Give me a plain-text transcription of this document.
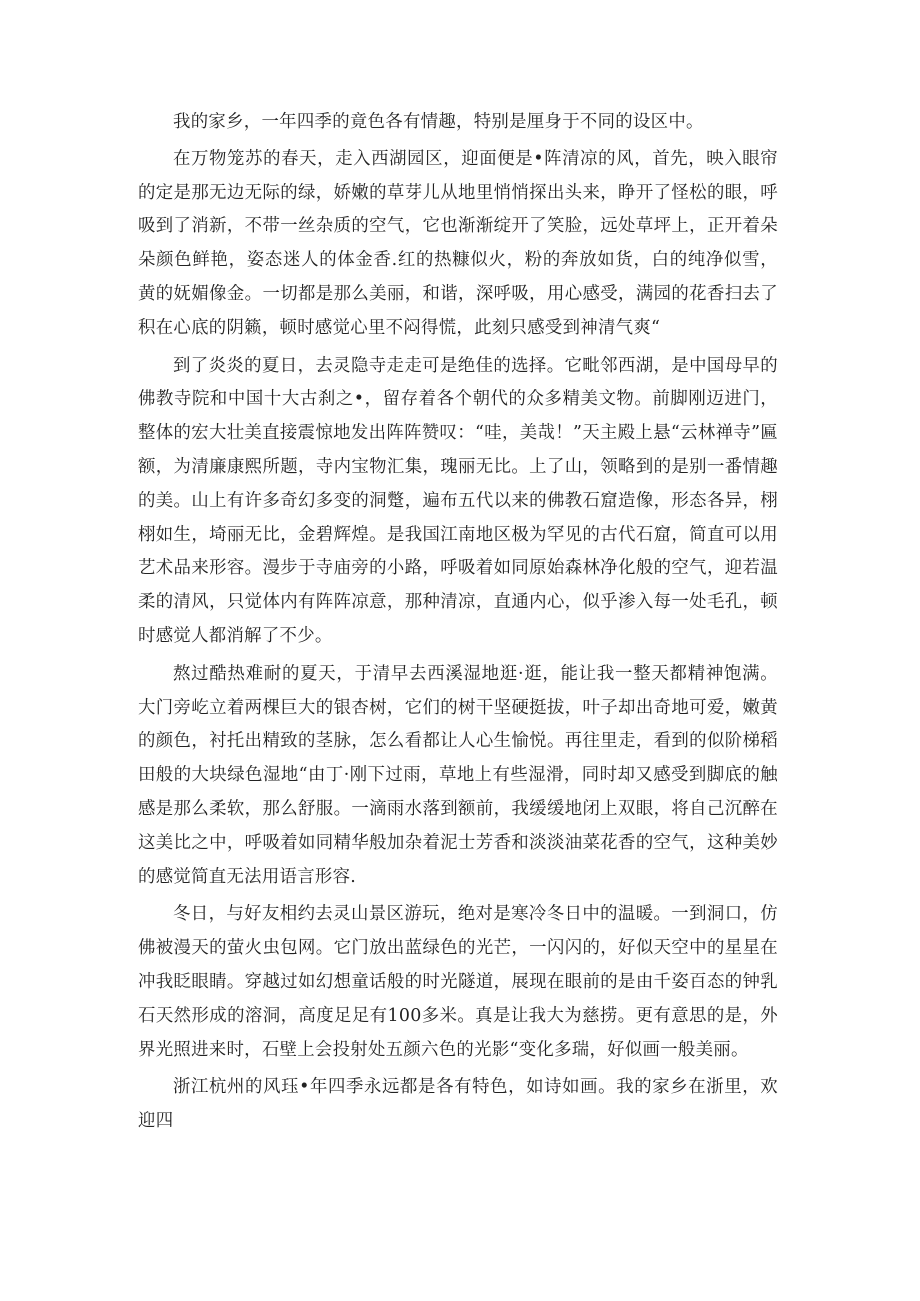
我的家乡，一年四季的竟色各有情趣，特别是厘身于不同的设区中。

在万物笼苏的春天，走入西湖园区，迎面便是•阵清凉的风，首先，映入眼帘的定是那无边无际的绿，娇嫩的草芽儿从地里悄悄探出头来，睁开了怪松的眼，呼吸到了消新，不带一丝杂质的空气，它也渐渐绽开了笑脸，远处草坪上，正开着朵朵颜色鲜艳，姿态迷人的体金香.红的热糠似火，粉的奔放如货，白的纯净似雪，黄的妩媚像金。一切都是那么美丽，和谐，深呼吸，用心感受，满园的花香扫去了积在心底的阴籁，顿时感觉心里不闷得慌，此刻只感受到神清气爽“

到了炎炎的夏日，去灵隐寺走走可是绝佳的选择。它毗邻西湖，是中国母早的佛教寺院和中国十大古刹之•，留存着各个朝代的众多精美文物。前脚刚迈进门，整体的宏大壮美直接震惊地发出阵阵赞叹：“哇，美哉！”天主殿上悬“云林禅寺”匾额，为清廉康熙所题，寺内宝物汇集，瑰丽无比。上了山，领略到的是别一番情趣的美。山上有许多奇幻多变的洞蹩，遍布五代以来的佛教石窟造像，形态各异，栩栩如生，埼丽无比，金碧辉煌。是我国江南地区极为罕见的古代石窟，简直可以用艺术品来形容。漫步于寺庙旁的小路，呼吸着如同原始森林净化般的空气，迎若温柔的清风，只觉体内有阵阵凉意，那种清凉，直通内心，似乎渗入每一处毛孔，顿时感觉人都消解了不少。

熬过酷热难耐的夏天，于清早去西溪湿地逛·逛，能让我一整天都精神饱满。大门旁屹立着两棵巨大的银杏树，它们的树干坚硬挺拔，叶子却出奇地可爱，嫩黄的颜色，衬托出精致的茎脉，怎么看都让人心生愉悦。再往里走，看到的似阶梯稻田般的大块绿色湿地“由丁·刚下过雨，草地上有些湿滑，同时却又感受到脚底的触感是那么柔软，那么舒服。一滴雨水落到额前，我缓缓地闭上双眼，将自己沉醉在这美比之中，呼吸着如同精华般加杂着泥士芳香和淡淡油菜花香的空气，这种美妙的感觉简直无法用语言形容.

冬日，与好友相约去灵山景区游玩，绝对是寒冷冬日中的温暖。一到洞口，仿佛被漫天的萤火虫包网。它门放出蓝绿色的光芒，一闪闪的，好似天空中的星星在冲我眨眼睛。穿越过如幻想童话般的时光隧道，展现在眼前的是由千姿百态的钟乳石天然形成的溶洞，高度足足有100多米。真是让我大为慈捞。更有意思的是，外界光照进来时，石壁上会投射处五颜六色的光影“变化多瑞，好似画一般美丽。

浙江杭州的风珏•年四季永远都是各有特色，如诗如画。我的家乡在浙里，欢迎四
